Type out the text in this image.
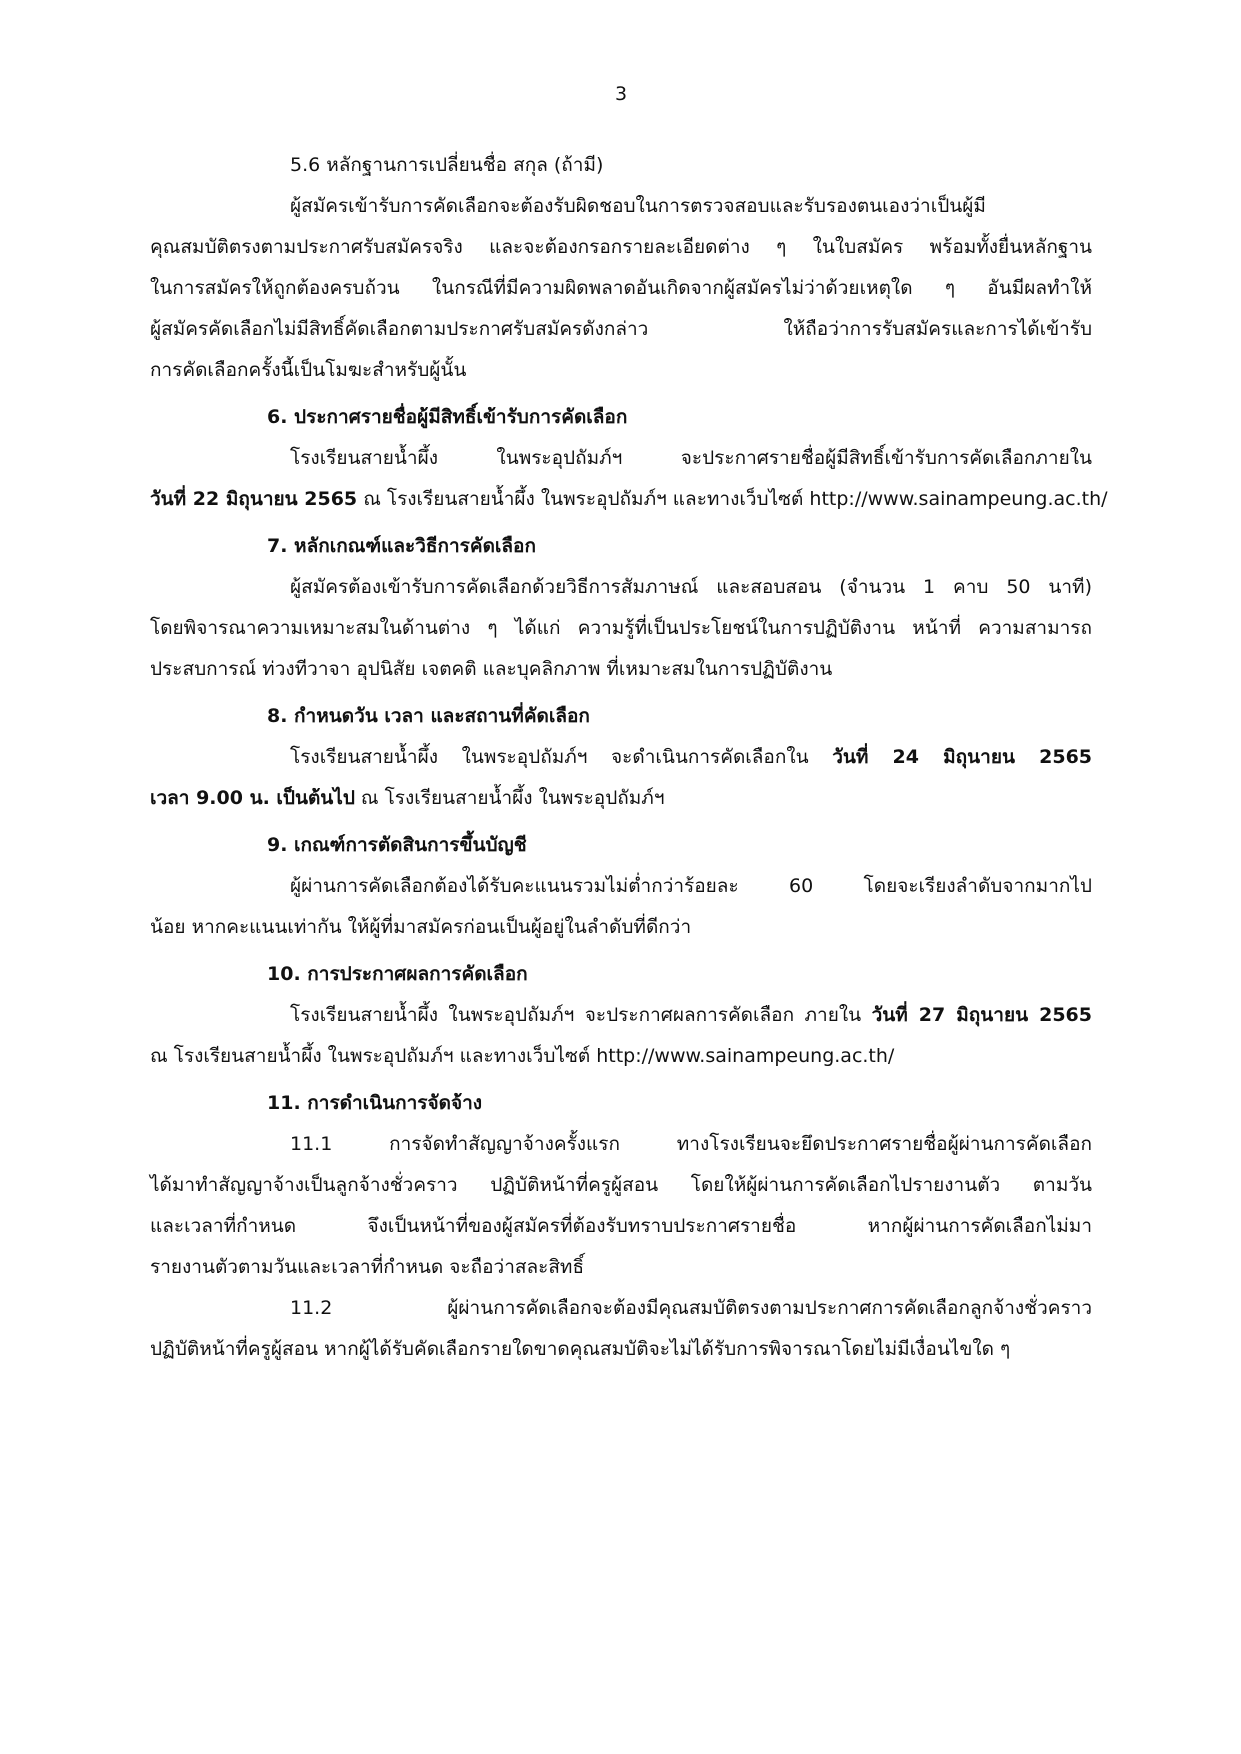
3
5.6 หลักฐานการเปลี่ยนชื่อ สกุล (ถ้ามี)
ผู้สมัครเข้ารับการคัดเลือกจะต้องรับผิดชอบในการตรวจสอบและรับรองตนเองว่าเป็นผู้มี
คุณสมบัติตรงตามประกาศรับสมัครจริง และจะต้องกรอกรายละเอียดต่าง ๆ ในใบสมัคร พร้อมทั้งยื่นหลักฐาน
ในการสมัครให้ถูกต้องครบถ้วน ในกรณีที่มีความผิดพลาดอันเกิดจากผู้สมัครไม่ว่าด้วยเหตุใด ๆ อันมีผลทำให้
ผู้สมัครคัดเลือกไม่มีสิทธิ์คัดเลือกตามประกาศรับสมัครดังกล่าว ให้ถือว่าการรับสมัครและการได้เข้ารับ
การคัดเลือกครั้งนี้เป็นโมฆะสำหรับผู้นั้น
6. ประกาศรายชื่อผู้มีสิทธิ์เข้ารับการคัดเลือก
โรงเรียนสายน้ำผึ้ง ในพระอุปถัมภ์ฯ จะประกาศรายชื่อผู้มีสิทธิ์เข้ารับการคัดเลือกภายใน
วันที่ 22 มิถุนายน 2565 ณ โรงเรียนสายน้ำผึ้ง ในพระอุปถัมภ์ฯ และทางเว็บไซต์ http://www.sainampeung.ac.th/
7. หลักเกณฑ์และวิธีการคัดเลือก
ผู้สมัครต้องเข้ารับการคัดเลือกด้วยวิธีการสัมภาษณ์ และสอบสอน (จำนวน 1 คาบ 50 นาที)
โดยพิจารณาความเหมาะสมในด้านต่าง ๆ ได้แก่ ความรู้ที่เป็นประโยชน์ในการปฏิบัติงาน หน้าที่ ความสามารถ
ประสบการณ์ ท่วงทีวาจา อุปนิสัย เจตคติ และบุคลิกภาพ ที่เหมาะสมในการปฏิบัติงาน
8. กำหนดวัน เวลา และสถานที่คัดเลือก
โรงเรียนสายน้ำผึ้ง ในพระอุปถัมภ์ฯ จะดำเนินการคัดเลือกใน วันที่ 24 มิถุนายน 2565
เวลา 9.00 น. เป็นต้นไป ณ โรงเรียนสายน้ำผึ้ง ในพระอุปถัมภ์ฯ
9. เกณฑ์การตัดสินการขึ้นบัญชี
ผู้ผ่านการคัดเลือกต้องได้รับคะแนนรวมไม่ต่ำกว่าร้อยละ 60 โดยจะเรียงลำดับจากมากไป
น้อย หากคะแนนเท่ากัน ให้ผู้ที่มาสมัครก่อนเป็นผู้อยู่ในลำดับที่ดีกว่า
10. การประกาศผลการคัดเลือก
โรงเรียนสายน้ำผึ้ง ในพระอุปถัมภ์ฯ จะประกาศผลการคัดเลือก ภายใน วันที่ 27 มิถุนายน 2565
ณ โรงเรียนสายน้ำผึ้ง ในพระอุปถัมภ์ฯ และทางเว็บไซต์ http://www.sainampeung.ac.th/
11. การดำเนินการจัดจ้าง
11.1 การจัดทำสัญญาจ้างครั้งแรก ทางโรงเรียนจะยึดประกาศรายชื่อผู้ผ่านการคัดเลือก
ได้มาทำสัญญาจ้างเป็นลูกจ้างชั่วคราว ปฏิบัติหน้าที่ครูผู้สอน โดยให้ผู้ผ่านการคัดเลือกไปรายงานตัว ตามวัน
และเวลาที่กำหนด จึงเป็นหน้าที่ของผู้สมัครที่ต้องรับทราบประกาศรายชื่อ หากผู้ผ่านการคัดเลือกไม่มา
รายงานตัวตามวันและเวลาที่กำหนด จะถือว่าสละสิทธิ์
11.2 ผู้ผ่านการคัดเลือกจะต้องมีคุณสมบัติตรงตามประกาศการคัดเลือกลูกจ้างชั่วคราว
ปฏิบัติหน้าที่ครูผู้สอน หากผู้ได้รับคัดเลือกรายใดขาดคุณสมบัติจะไม่ได้รับการพิจารณาโดยไม่มีเงื่อนไขใด ๆ
